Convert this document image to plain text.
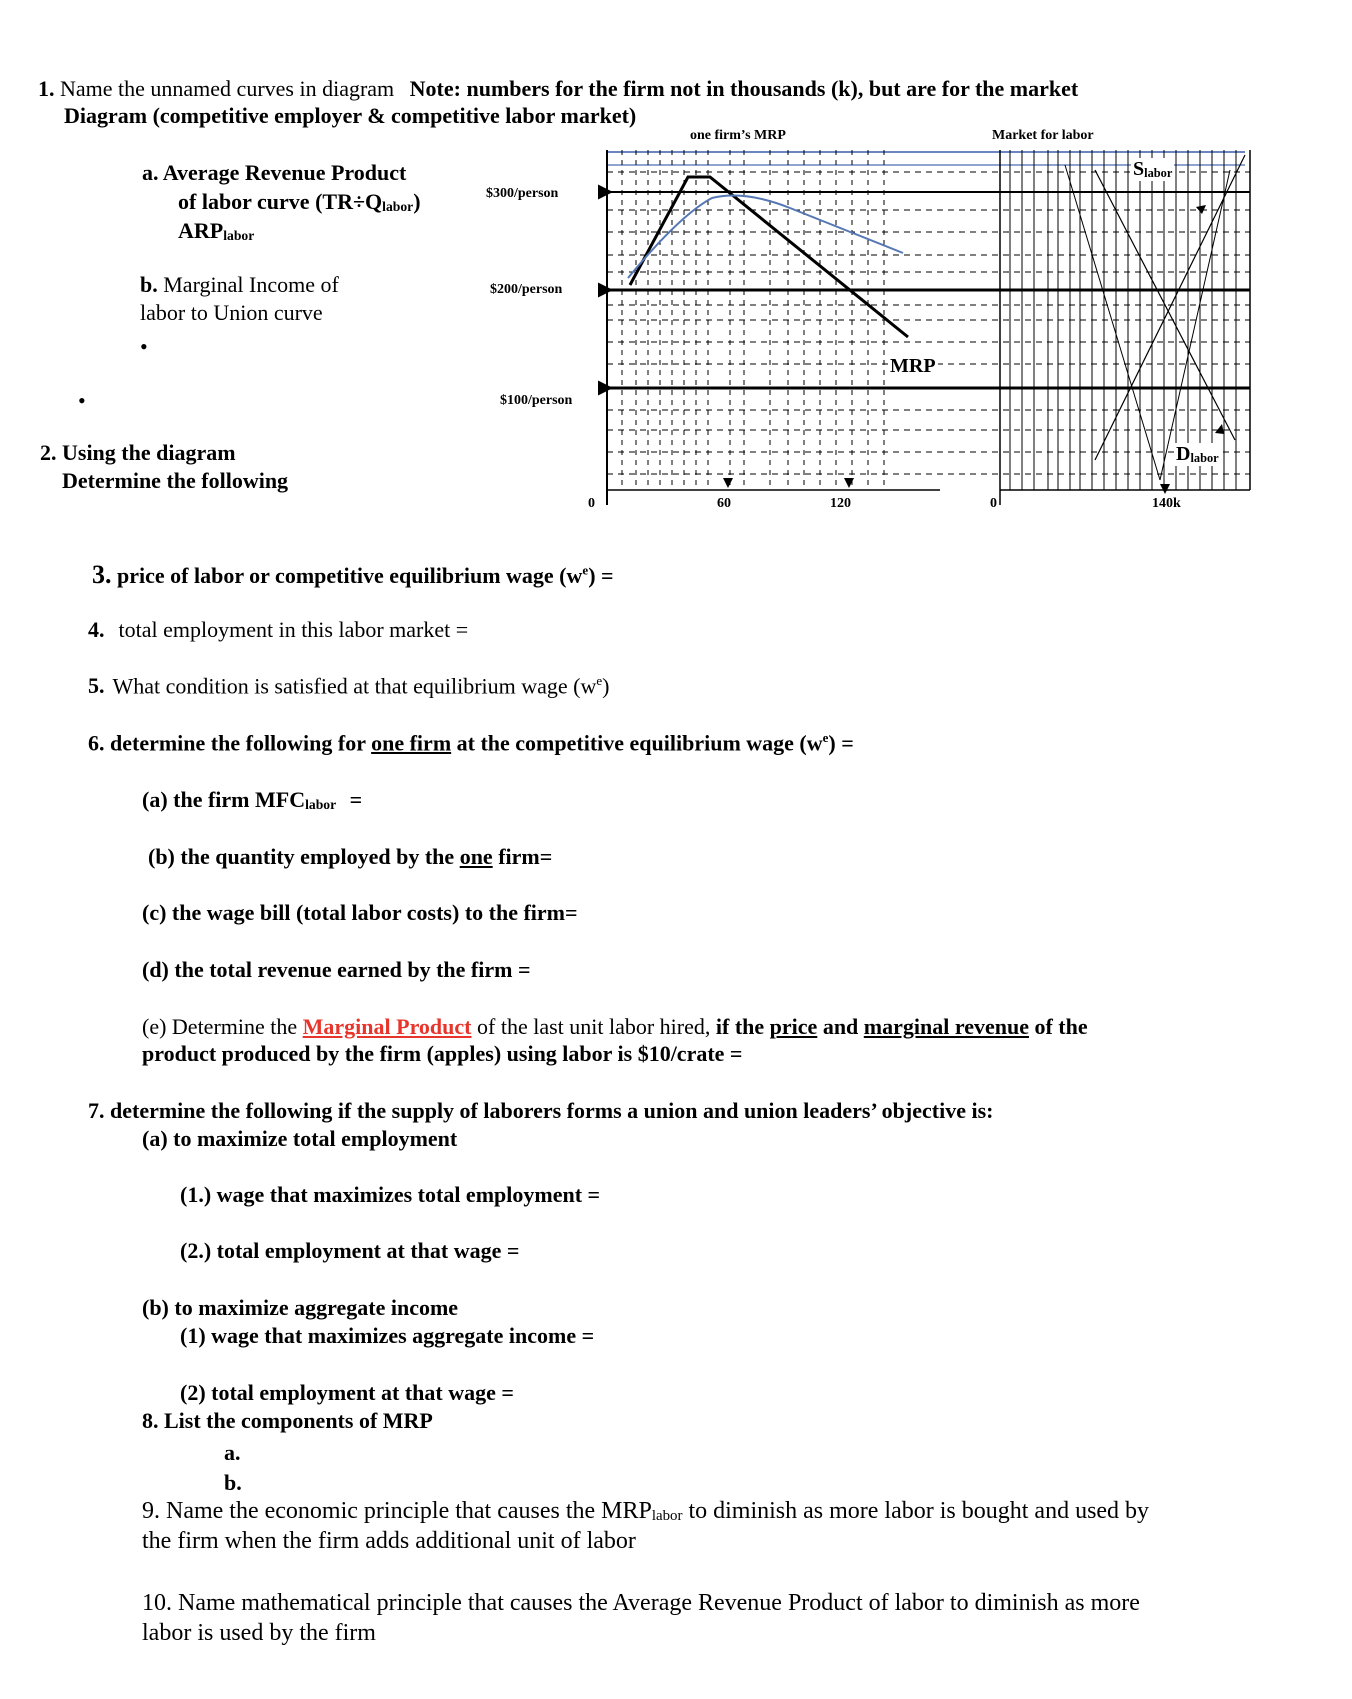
1. Name the unnamed curves in diagram Note: numbers for the firm not in thousands (k), but are for the market
Diagram (competitive employer & competitive labor market)
a. Average Revenue Product
of labor curve $(TR\div Q_{labor})$
$ARP_{labor}$
b. Marginal Income of
labor to Union curve
•
•
2. Using the diagram
Determine the following
$300/person
$200/person
$100/person
one firm’s MRP	Market for labor
0	60	120	0	140k
MRP
$S_{labor}$
$D_{labor}$
3. price of labor or competitive equilibrium wage $(w^e)$ =
4. total employment in this labor market =
5. What condition is satisfied at that equilibrium wage $(w^e)$
6. determine the following for one firm at the competitive equilibrium wage $(w^e)$ =
(a) the firm $MFC_{labor}$ =
(b) the quantity employed by the one firm=
(c) the wage bill (total labor costs) to the firm=
(d) the total revenue earned by the firm =
(e) Determine the Marginal Product of the last unit labor hired, if the price and marginal revenue of the
product produced by the firm (apples) using labor is $10/crate =
7. determine the following if the supply of laborers forms a union and union leaders’ objective is:
(a) to maximize total employment
(1.) wage that maximizes total employment =
(2.) total employment at that wage =
(b) to maximize aggregate income
(1) wage that maximizes aggregate income =
(2) total employment at that wage =
8. List the components of MRP
a.
b.
9. Name the economic principle that causes the $MRP_{labor}$ to diminish as more labor is bought and used by
the firm when the firm adds additional unit of labor
10. Name mathematical principle that causes the Average Revenue Product of labor to diminish as more
labor is used by the firm
